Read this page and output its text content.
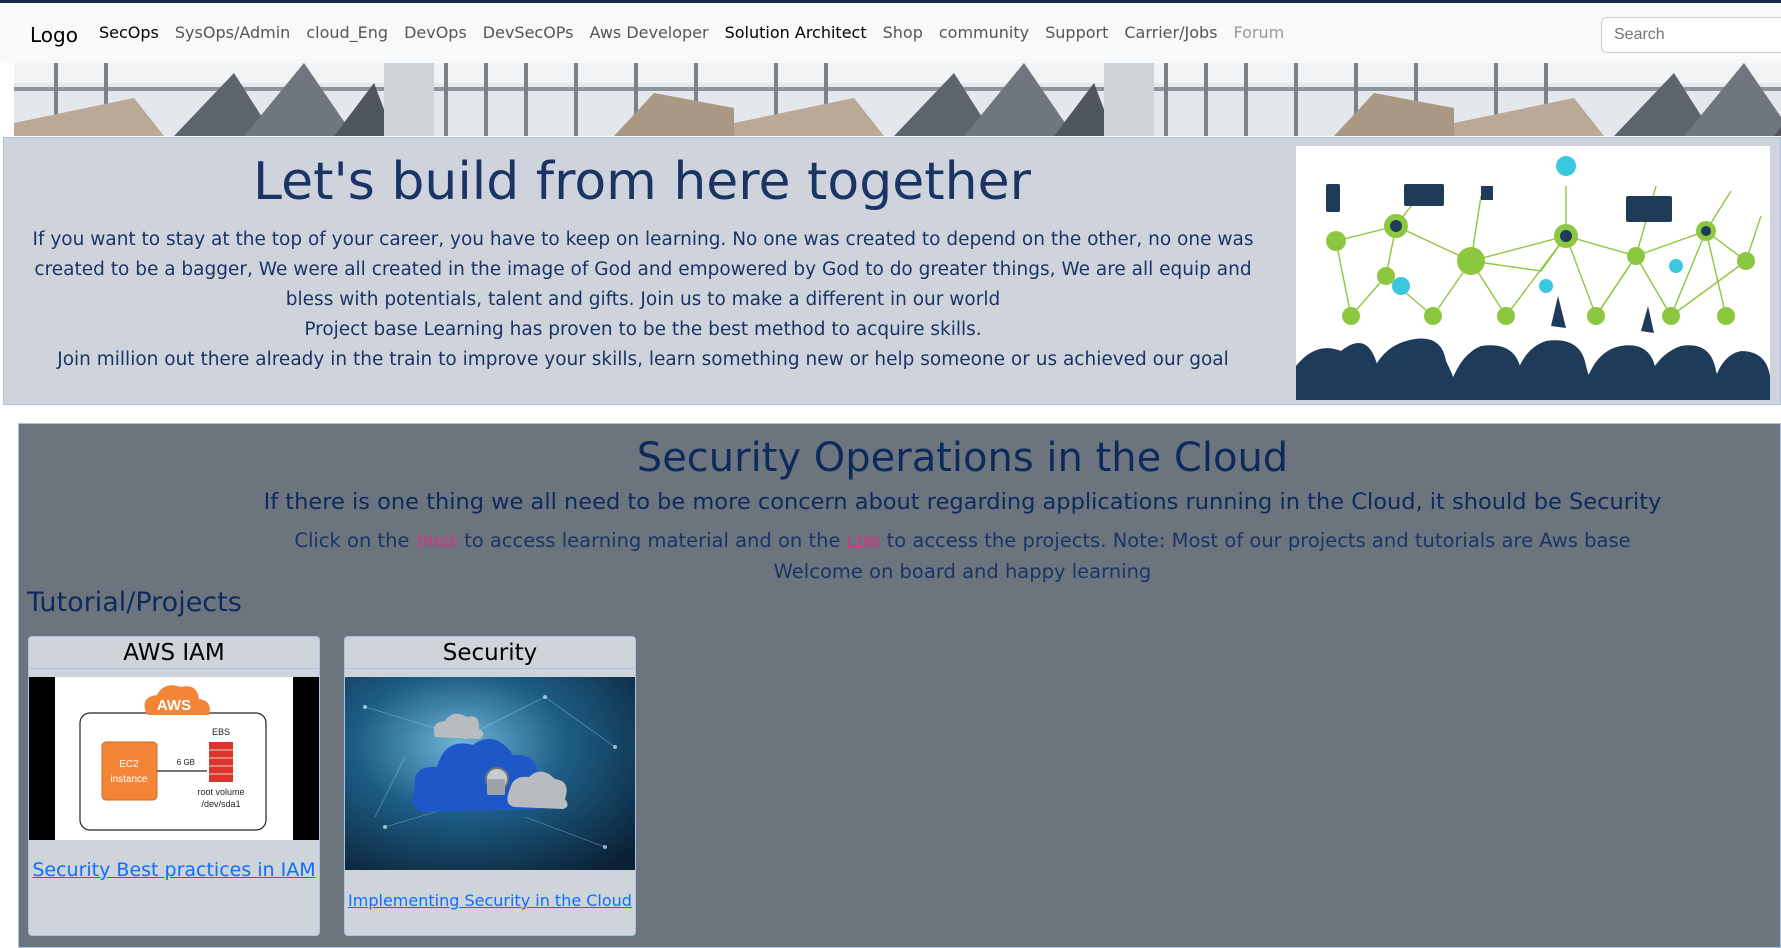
Logo SecOps SysOps/Admin cloud_Eng DevOps DevSecOPs Aws Developer Solution Architect Shop community Support Carrier/Jobs Forum
Search
Let's build from here together
If you want to stay at the top of your career, you have to keep on learning. No one was created to depend on the other, no one was created to be a bagger, We were all created in the image of God and empowered by God to do greater things, We are all equip and bless with potentials, talent and gifts. Join us to make a different in our world
Project base Learning has proven to be the best method to acquire skills.
Join million out there already in the train to improve your skills, learn something new or help someone or us achieved our goal
Security Operations in the Cloud
If there is one thing we all need to be more concern about regarding applications running in the Cloud, it should be Security
Click on the IMAGE to access learning material and on the LINK to access the projects. Note: Most of our projects and tutorials are Aws base
Welcome on board and happy learning
Tutorial/Projects
AWS IAM
AWS
EC2
instance
6 GB
EBS
root volume
/dev/sda1
Security Best practices in IAM
Security
Implementing Security in the Cloud
